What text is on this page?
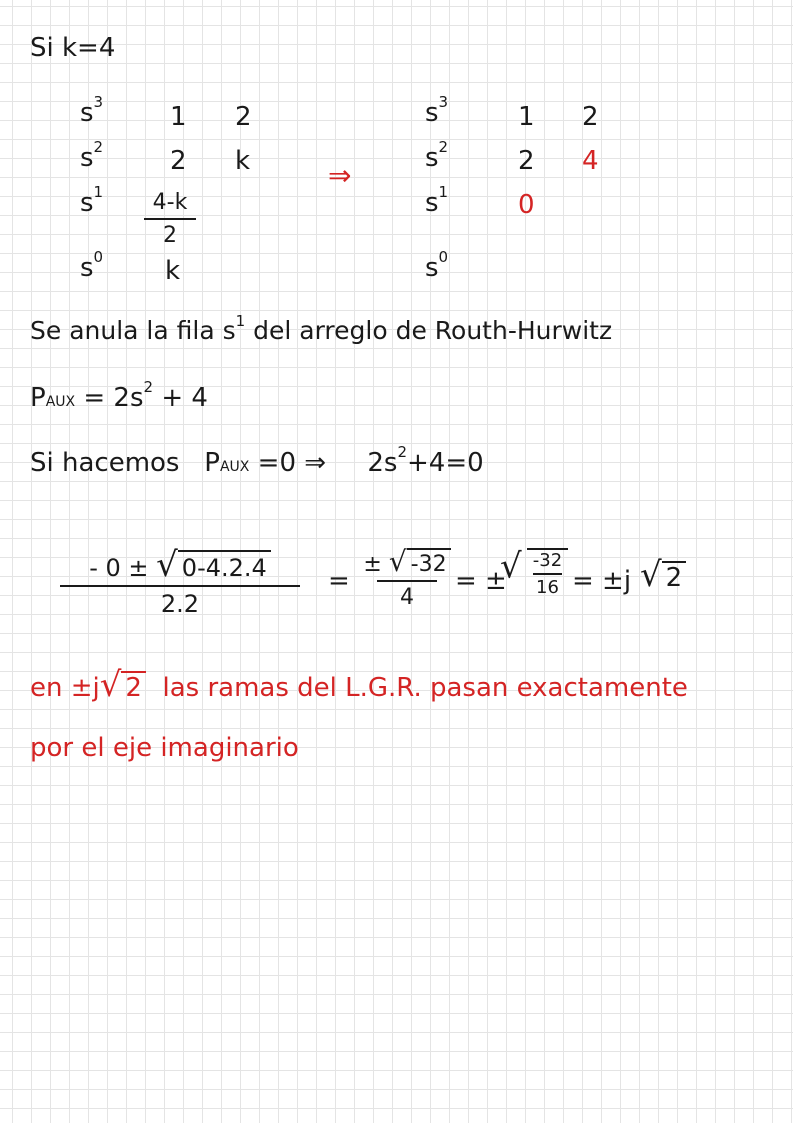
Si k=4
$s^3$	1 2
$s^2$	2 k
$s^1$	4-k
2
$s^0$ k
⇒
$s^3$	1 2
$s^2$	2 4
$s^1$	0
$s^0$
Se anula la fila $s^1$ del arreglo de Routh-Hurwitz
PAUX = $2s^2 + 4$
Si hacemos PAUX =0 ⇒ $2s^2+4=0$
- 0 ± √ 0-4.2.4
2.2
=
± √ -32
4
= ±
√ $\frac{-32}{16} = \pm j$ √ 2
en ±j√ 2 las ramas del L.G.R. pasan exactamente
por el eje imaginario
